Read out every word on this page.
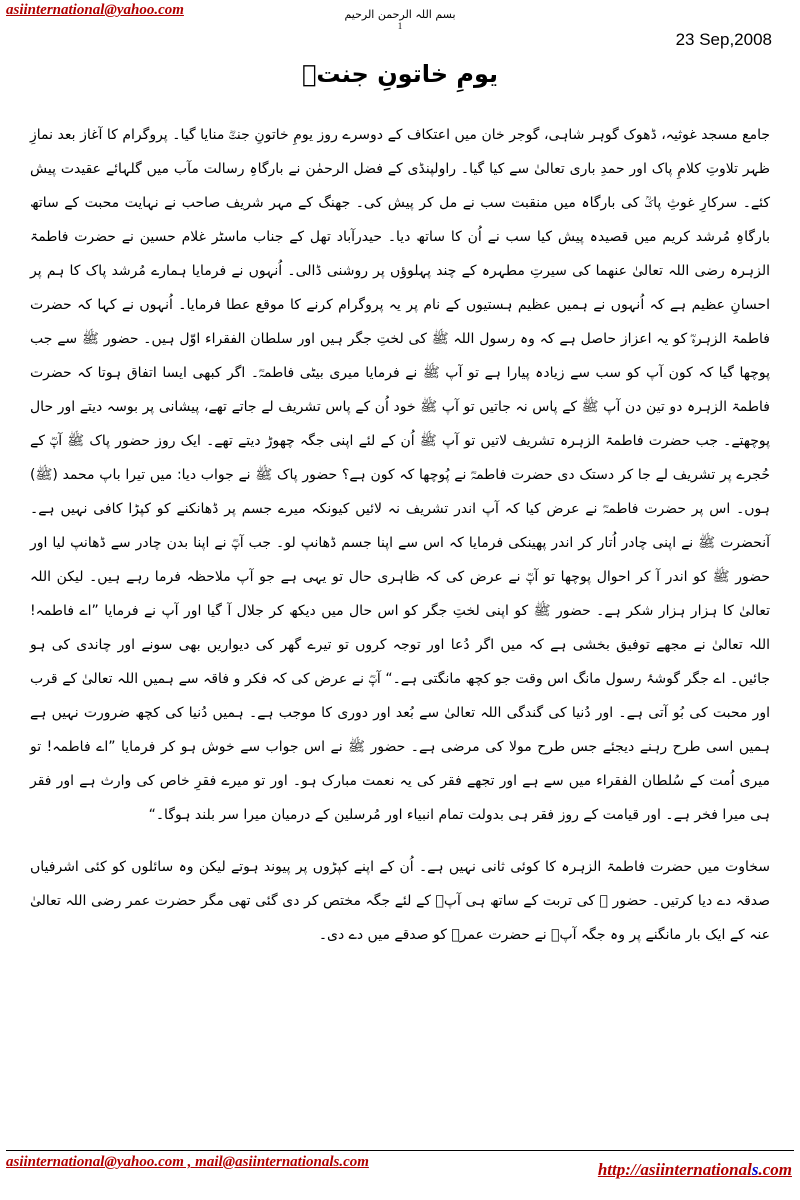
asiinternational@yahoo.com	بسم اللہ الرحمن الرحیم
1
23 Sep,2008
یومِ خاتونِ جنتؓ

جامع مسجد غوثیہ، ڈھوک گوہر شاہی، گوجر خان میں اعتکاف کے دوسرے روز یومِ خاتونِ جنتؓ منایا گیا۔ پروگرام کا آغاز بعد نمازِ ظہر تلاوتِ کلامِ پاک اور حمدِ باری تعالیٰ سے کیا گیا۔ راولپنڈی کے فضل الرحمٰن نے بارگاہِ رسالت مآب میں گلہائے عقیدت پیش کئے۔ سرکارِ غوثِ پاکؒ کی بارگاہ میں منقبت سب نے مل کر پیش کی۔ جھنگ کے مہر شریف صاحب نے نہایت محبت کے ساتھ بارگاہِ مُرشد کریم میں قصیدہ پیش کیا سب نے اُن کا ساتھ دیا۔ حیدرآباد تھل کے جناب ماسٹر غلام حسین نے حضرت فاطمۃ الزہرہ رضی اللہ تعالیٰ عنھما کی سیرتِ مطہرہ کے چند پہلوؤں پر روشنی ڈالی۔ اُنہوں نے فرمایا ہمارے مُرشد پاک کا ہم پر احسانِ عظیم ہے کہ اُنہوں نے ہمیں عظیم ہستیوں کے نام پر یہ پروگرام کرنے کا موقع عطا فرمایا۔ اُنہوں نے کہا کہ حضرت فاطمۃ الزہرہؓ کو یہ اعزاز حاصل ہے کہ وہ رسول اللہ ﷺ کی لختِ جگر ہیں اور سلطان الفقراء اوّل ہیں۔ حضور ﷺ سے جب پوچھا گیا کہ کون آپ کو سب سے زیادہ پیارا ہے تو آپ ﷺ نے فرمایا میری بیٹی فاطمہؓ۔ اگر کبھی ایسا اتفاق ہوتا کہ حضرت فاطمۃ الزہرہ دو تین دن آپ ﷺ کے پاس نہ جاتیں تو آپ ﷺ خود اُن کے پاس تشریف لے جاتے تھے، پیشانی پر بوسہ دیتے اور حال پوچھتے۔ جب حضرت فاطمۃ الزہرہ تشریف لاتیں تو آپ ﷺ اُن کے لئے اپنی جگہ چھوڑ دیتے تھے۔ ایک روز حضور پاک ﷺ آپؓ کے حُجرے پر تشریف لے جا کر دستک دی حضرت فاطمہؓ نے پُوچھا کہ کون ہے؟ حضور پاک ﷺ نے جواب دیا: میں تیرا باپ محمد (ﷺ) ہوں۔ اس پر حضرت فاطمہؓ نے عرض کیا کہ آپ اندر تشریف نہ لائیں کیونکہ میرے جسم پر ڈھانکنے کو کپڑا کافی نہیں ہے۔ آنحضرت ﷺ نے اپنی چادر اُتار کر اندر پھینکی فرمایا کہ اس سے اپنا جسم ڈھانپ لو۔ جب آپؓ نے اپنا بدن چادر سے ڈھانپ لیا اور حضور ﷺ کو اندر آ کر احوال پوچھا تو آپؓ نے عرض کی کہ ظاہری حال تو یہی ہے جو آپ ملاحظہ فرما رہے ہیں۔ لیکن اللہ تعالیٰ کا ہزار ہزار شکر ہے۔ حضور ﷺ کو اپنی لختِ جگر کو اس حال میں دیکھ کر جلال آ گیا اور آپ نے فرمایا ”اے فاطمہ! اللہ تعالیٰ نے مجھے توفیق بخشی ہے کہ میں اگر دُعا اور توجہ کروں تو تیرے گھر کی دیواریں بھی سونے اور چاندی کی ہو جائیں۔ اے جگر گوشۂ رسول مانگ اس وقت جو کچھ مانگتی ہے۔“ آپؓ نے عرض کی کہ فکر و فاقہ سے ہمیں اللہ تعالیٰ کے قرب اور محبت کی بُو آتی ہے۔ اور دُنیا کی گندگی اللہ تعالیٰ سے بُعد اور دوری کا موجب ہے۔ ہمیں دُنیا کی کچھ ضرورت نہیں ہے ہمیں اسی طرح رہنے دیجئے جس طرح مولا کی مرضی ہے۔ حضور ﷺ نے اس جواب سے خوش ہو کر فرمایا ”اے فاطمہ! تو میری اُمت کے سُلطان الفقراء میں سے ہے اور تجھے فقر کی یہ نعمت مبارک ہو۔ اور تو میرے فقرِ خاص کی وارث ہے اور فقر ہی میرا فخر ہے۔ اور قیامت کے روز فقر ہی بدولت تمام انبیاء اور مُرسلین کے درمیان میرا سر بلند ہوگا۔“

سخاوت میں حضرت فاطمۃ الزہرہ کا کوئی ثانی نہیں ہے۔ اُن کے اپنے کپڑوں پر پیوند ہوتے لیکن وہ سائلوں کو کئی اشرفیاں صدقہ دے دیا کرتیں۔ حضور ﷺ کی تربت کے ساتھ ہی آپؓ کے لئے جگہ مختص کر دی گئی تھی مگر حضرت عمر رضی اللہ تعالیٰ عنہ کے ایک بار مانگنے پر وہ جگہ آپؓ نے حضرت عمرؓ کو صدقے میں دے دی۔

asiinternational@yahoo.com , mail@asiinternationals.com	http://asiinternationals.com
